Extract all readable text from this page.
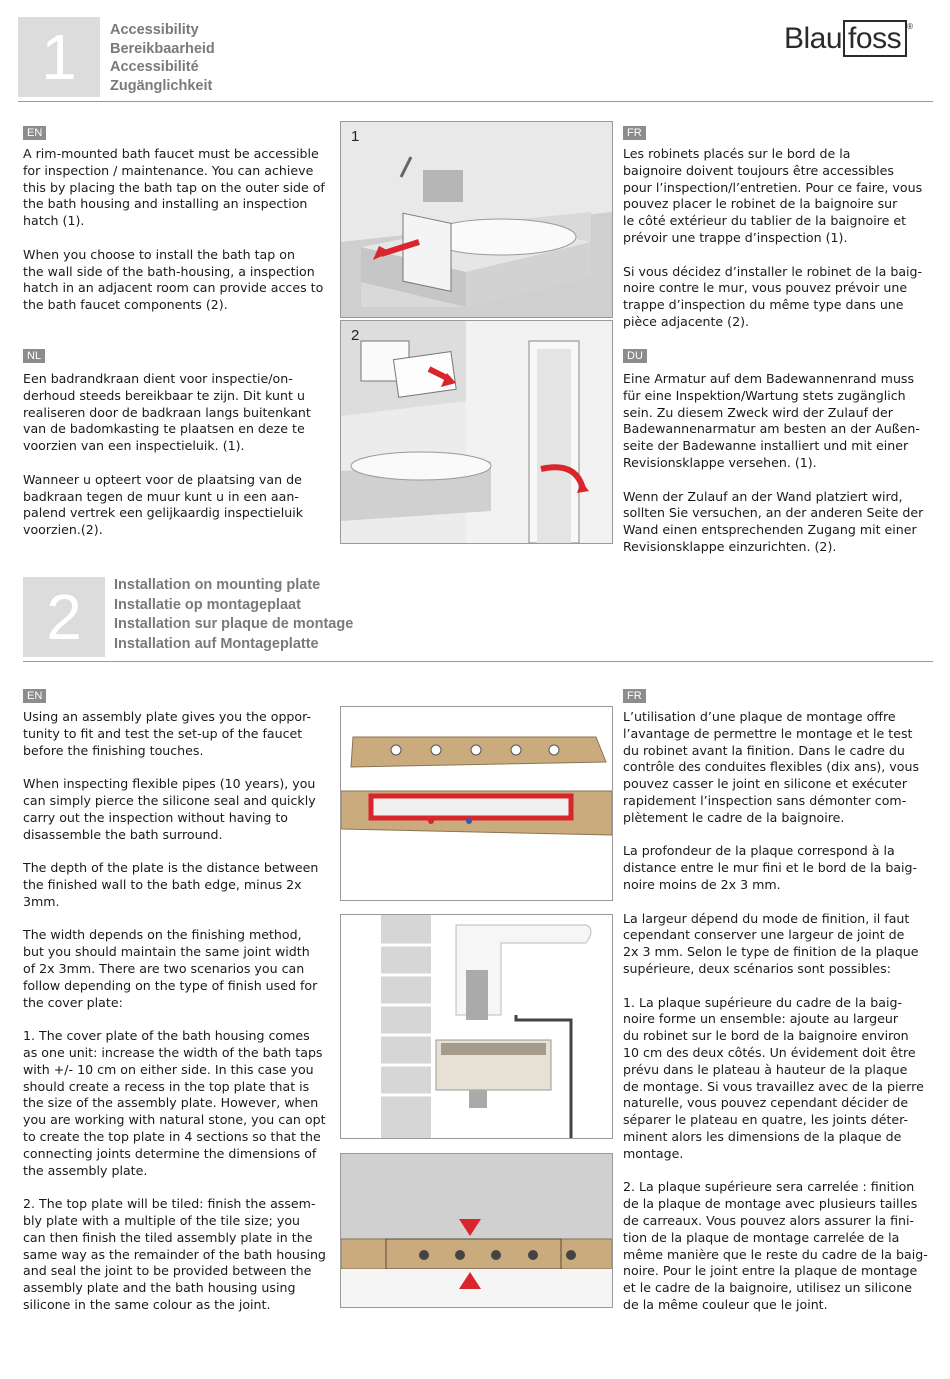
1 Accessibility
Bereikbaarheid
Accessibilité
Zugänglichkeit
Blau foss ®
EN

A rim-mounted bath faucet must be accessible
for inspection / maintenance. You can achieve
this by placing the bath tap on the outer side of
the bath housing and installing an inspection
hatch (1).

When you choose to install the bath tap on
the wall side of the bath-housing, a inspection
hatch in an adjacent room can provide acces to
the bath faucet components (2).

NL

Een badrandkraan dient voor inspectie/on-
derhoud steeds bereikbaar te zijn. Dit kunt u
realiseren door de badkraan langs buitenkant
van de badomkasting te plaatsen en deze te
voorzien van een inspectieluik. (1).

Wanneer u opteert voor de plaatsing van de
badkraan tegen de muur kunt u in een aan-
palend vertrek een gelijkaardig inspectieluik
voorzien.(2).

1
2
FR

Les robinets placés sur le bord de la
baignoire doivent toujours être accessibles
pour l’inspection/l’entretien. Pour ce faire, vous
pouvez placer le robinet de la baignoire sur
le côté extérieur du tablier de la baignoire et
prévoir une trappe d’inspection (1).

Si vous décidez d’installer le robinet de la baig-
noire contre le mur, vous pouvez prévoir une
trappe d’inspection du même type dans une
pièce adjacente (2).

DU

Eine Armatur auf dem Badewannenrand muss
für eine Inspektion/Wartung stets zugänglich
sein. Zu diesem Zweck wird der Zulauf der
Badewannenarmatur am besten an der Außen-
seite der Badewanne installiert und mit einer
Revisionsklappe versehen. (1).

Wenn der Zulauf an der Wand platziert wird,
sollten Sie versuchen, an der anderen Seite der
Wand einen entsprechenden Zugang mit einer
Revisionsklappe einzurichten. (2).

2 Installation on mounting plate
Installatie op montageplaat
Installation sur plaque de montage
Installation auf Montageplatte
EN

Using an assembly plate gives you the oppor-
tunity to fit and test the set-up of the faucet
before the finishing touches.

When inspecting flexible pipes (10 years), you
can simply pierce the silicone seal and quickly
carry out the inspection without having to
disassemble the bath surround.

The depth of the plate is the distance between
the finished wall to the bath edge, minus 2x
3mm.

The width depends on the finishing method,
but you should maintain the same joint width
of 2x 3mm. There are two scenarios you can
follow depending on the type of finish used for
the cover plate:

1. The cover plate of the bath housing comes
as one unit: increase the width of the bath taps
with +/- 10 cm on either side. In this case you
should create a recess in the top plate that is
the size of the assembly plate. However, when
you are working with natural stone, you can opt
to create the top plate in 4 sections so that the
connecting joints determine the dimensions of
the assembly plate.

2. The top plate will be tiled: finish the assem-
bly plate with a multiple of the tile size; you
can then finish the tiled assembly plate in the
same way as the remainder of the bath housing
and seal the joint to be provided between the
assembly plate and the bath housing using
silicone in the same colour as the joint.

FR

L’utilisation d’une plaque de montage offre
l’avantage de permettre le montage et le test
du robinet avant la finition. Dans le cadre du
contrôle des conduites flexibles (dix ans), vous
pouvez casser le joint en silicone et exécuter
rapidement l’inspection sans démonter com-
plètement le cadre de la baignoire.

La profondeur de la plaque correspond à la
distance entre le mur fini et le bord de la baig-
noire moins de 2x 3 mm.

La largeur dépend du mode de finition, il faut
cependant conserver une largeur de joint de
2x 3 mm. Selon le type de finition de la plaque
supérieure, deux scénarios sont possibles:

1. La plaque supérieure du cadre de la baig-
noire forme un ensemble: ajoute au largeur
du robinet sur le bord de la baignoire environ
10 cm des deux côtés. Un évidement doit être
prévu dans le plateau à hauteur de la plaque
de montage. Si vous travaillez avec de la pierre
naturelle, vous pouvez cependant décider de
séparer le plateau en quatre, les joints déter-
minent alors les dimensions de la plaque de
montage.

2. La plaque supérieure sera carrelée : finition
de la plaque de montage avec plusieurs tailles
de carreaux. Vous pouvez alors assurer la fini-
tion de la plaque de montage carrelée de la
même manière que le reste du cadre de la baig-
noire. Pour le joint entre la plaque de montage
et le cadre de la baignoire, utilisez un silicone
de la même couleur que le joint.
